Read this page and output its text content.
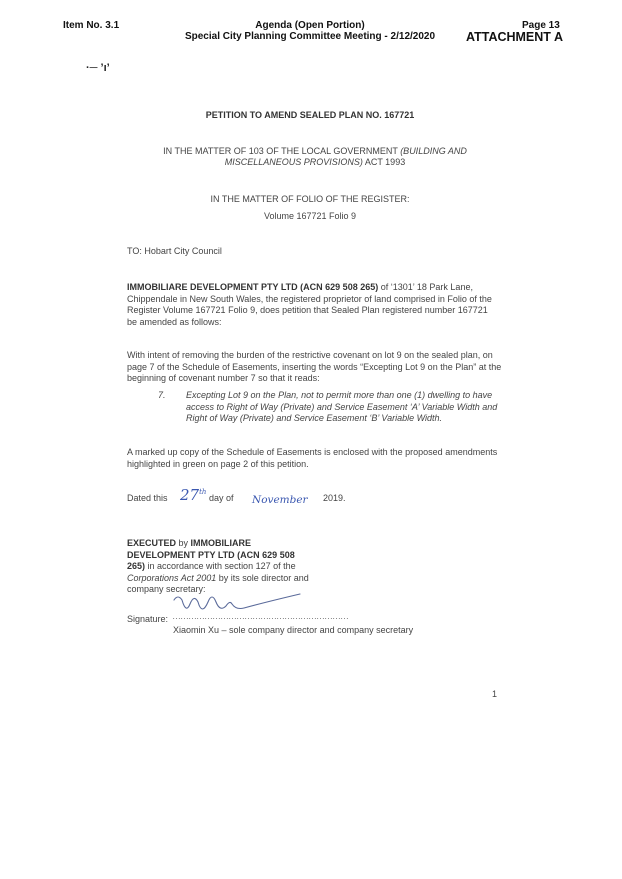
Item No. 3.1	Agenda (Open Portion)
Special City Planning Committee Meeting - 2/12/2020
Page 13
ATTACHMENT A
·─ ’ı’
PETITION TO AMEND SEALED PLAN NO. 167721
IN THE MATTER OF 103 OF THE LOCAL GOVERNMENT (BUILDING AND
MISCELLANEOUS PROVISIONS) ACT 1993
IN THE MATTER OF FOLIO OF THE REGISTER:
Volume 167721 Folio 9
TO: Hobart City Council
IMMOBILIARE DEVELOPMENT PTY LTD (ACN 629 508 265) of ‘1301’ 18 Park Lane,
Chippendale in New South Wales, the registered proprietor of land comprised in Folio of the
Register Volume 167721 Folio 9, does petition that Sealed Plan registered number 167721
be amended as follows:
With intent of removing the burden of the restrictive covenant on lot 9 on the sealed plan, on
page 7 of the Schedule of Easements, inserting the words “Excepting Lot 9 on the Plan” at the
beginning of covenant number 7 so that it reads:
7. Excepting Lot 9 on the Plan, not to permit more than one (1) dwelling to have
access to Right of Way (Private) and Service Easement ‘A’ Variable Width and
Right of Way (Private) and Service Easement ‘B’ Variable Width.
A marked up copy of the Schedule of Easements is enclosed with the proposed amendments
highlighted in green on page 2 of this petition.
Dated this 27th
day of November 2019.
EXECUTED by IMMOBILIARE
DEVELOPMENT PTY LTD (ACN 629 508
265) in accordance with section 127 of the
Corporations Act 2001 by its sole director and
company secretary:
Signature: …………………………………………………………
Xiaomin Xu – sole company director and company secretary
1
